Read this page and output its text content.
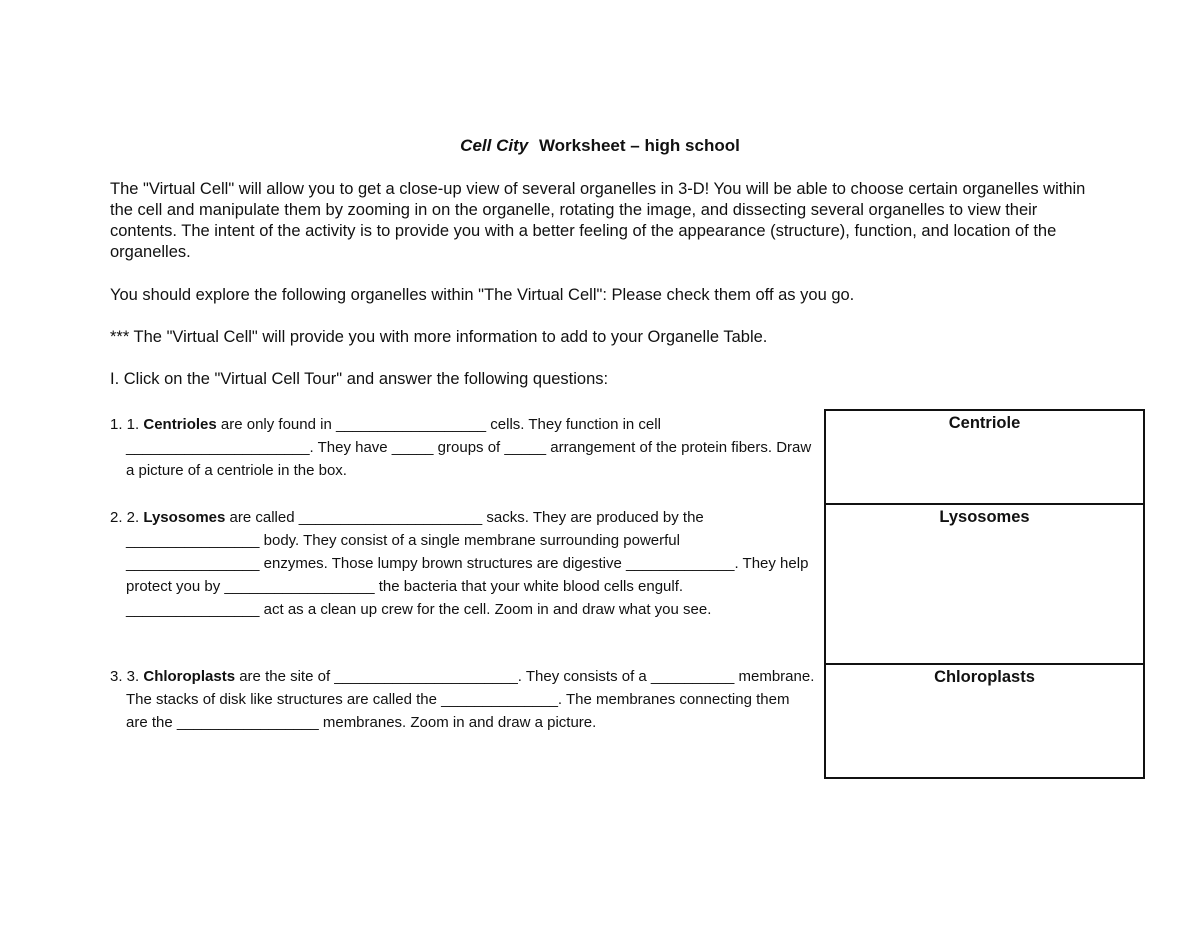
Cell City Worksheet – high school
The "Virtual Cell" will allow you to get a close-up view of several organelles in 3-D! You will be able to choose certain organelles within the cell and manipulate them by zooming in on the organelle, rotating the image, and dissecting several organelles to view their contents. The intent of the activity is to provide you with a better feeling of the appearance (structure), function, and location of the organelles.
You should explore the following organelles within "The Virtual Cell": Please check them off as you go.
*** The "Virtual Cell" will provide you with more information to add to your Organelle Table.
I. Click on the "Virtual Cell Tour" and answer the following questions:
1. 1. Centrioles are only found in __________________ cells. They function in cell ______________________. They have _____ groups of _____ arrangement of the protein fibers. Draw a picture of a centriole in the box.
2. 2. Lysosomes are called ______________________ sacks. They are produced by the ________________ body. They consist of a single membrane surrounding powerful ________________ enzymes. Those lumpy brown structures are digestive _____________. They help protect you by __________________ the bacteria that your white blood cells engulf. ________________ act as a clean up crew for the cell. Zoom in and draw what you see.
3. 3. Chloroplasts are the site of ______________________. They consists of a __________ membrane. The stacks of disk like structures are called the ______________. The membranes connecting them are the _________________ membranes. Zoom in and draw a picture.
Centriole
Lysosomes
Chloroplasts
